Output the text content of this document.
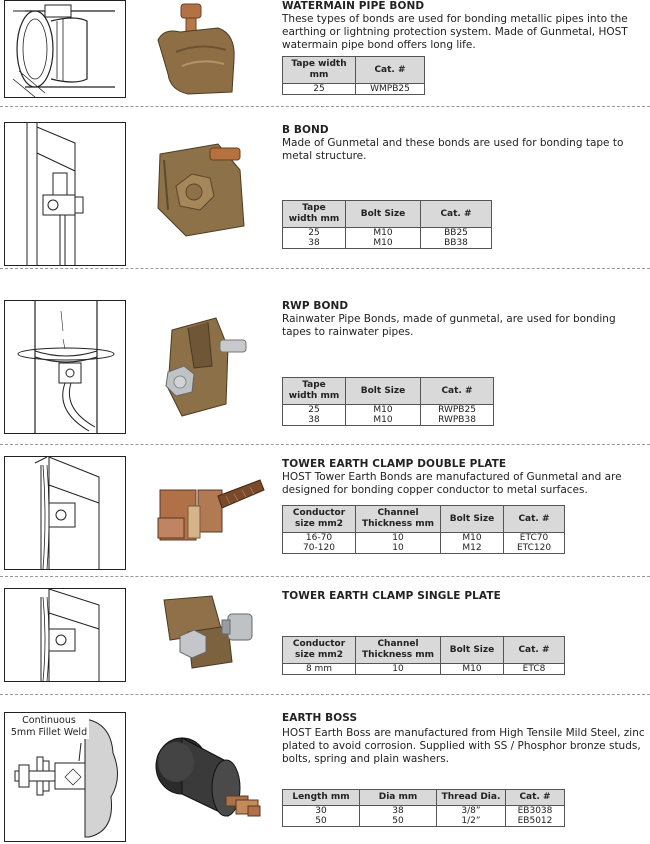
WATERMAIN PIPE BOND
These types of bonds are used for bonding metallic pipes into the earthing or lightning protection system. Made of Gunmetal, HOST watermain pipe bond offers long life.
Tape width mm	Cat. #
25	WMPB25
B BOND
Made of Gunmetal and these bonds are used for bonding tape to metal structure.
Tape width mm	Bolt Size	Cat. #
25	M10	BB25
38	M10	BB38
RWP BOND
Rainwater Pipe Bonds, made of gunmetal, are used for bonding tapes to rainwater pipes.
Tape width mm	Bolt Size	Cat. #
25	M10	RWPB25
38	M10	RWPB38
TOWER EARTH CLAMP DOUBLE PLATE
HOST Tower Earth Bonds are manufactured of Gunmetal and are designed for bonding copper conductor to metal surfaces.
Conductor size mm2	Channel Thickness mm	Bolt Size	Cat. #
16-70	10	M10	ETC70
70-120	10	M12	ETC120
TOWER EARTH CLAMP SINGLE PLATE
Conductor size mm2	Channel Thickness mm	Bolt Size	Cat. #
8 mm	10	M10	ETC8
Continuous
5mm Fillet Weld
EARTH BOSS
HOST Earth Boss are manufactured from High Tensile Mild Steel, zinc plated to avoid corrosion. Supplied with SS / Phosphor bronze studs, bolts, spring and plain washers.
Length mm	Dia mm	Thread Dia.	Cat. #
30	38	3/8”	EB3038
50	50	1/2”	EB5012
